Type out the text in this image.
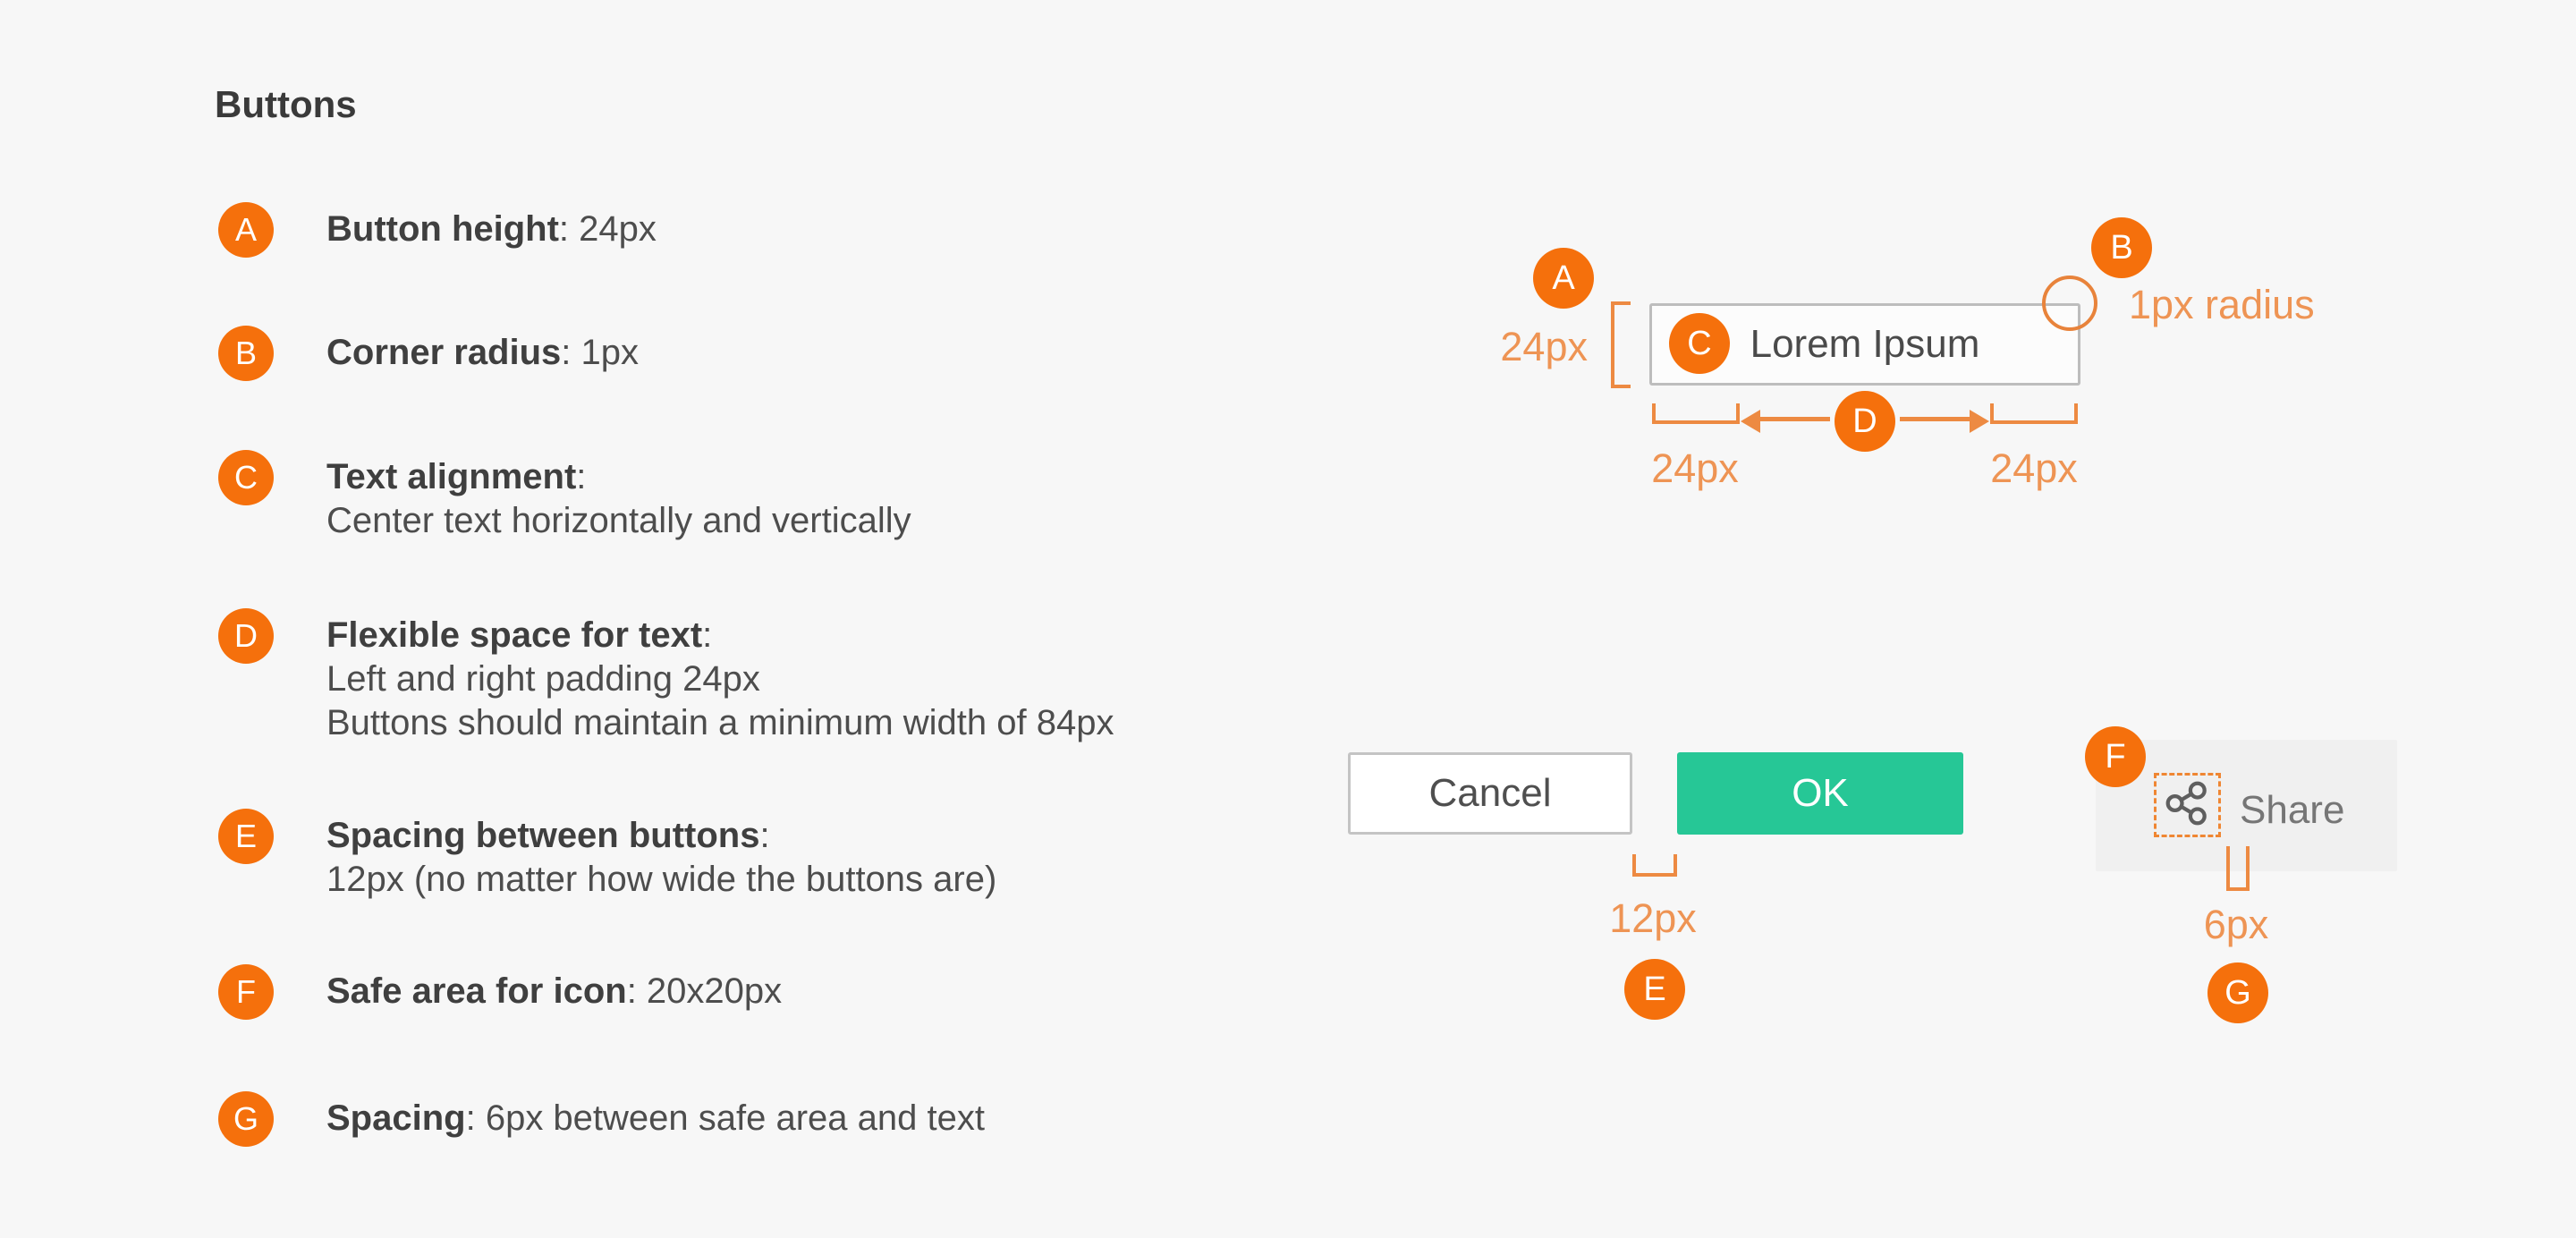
Buttons
A	Button height: 24px
B	Corner radius: 1px
C	Text alignment:
Center text horizontally and vertically
D	Flexible space for text:
Left and right padding 24px
Buttons should maintain a minimum width of 84px
E	Spacing between buttons:
12px (no matter how wide the buttons are)
F	Safe area for icon: 20x20px
G	Spacing: 6px between safe area and text
A
24px	Lorem Ipsum
C
B
1px radius
D
24px	24px
Cancel	OK
12px
E
F
Share
6px
G
